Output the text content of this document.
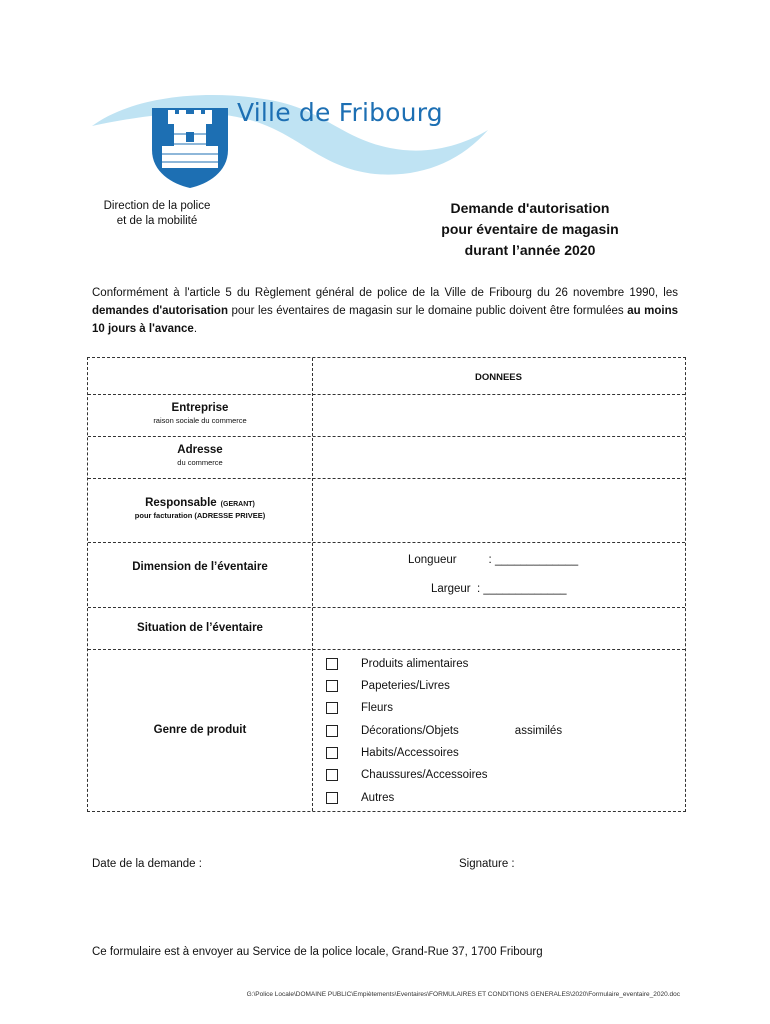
Ville de Fribourg
Direction de la police
et de la mobilité
Demande d'autorisation
pour éventaire de magasin
durant l’année 2020
Conformément à l'article 5 du Règlement général de police de la Ville de Fribourg du 26 novembre 1990, les demandes d'autorisation pour les éventaires de magasin sur le domaine public doivent être formulées au moins 10 jours à l'avance.
DONNEES
Entreprise
raison sociale du commerce
Adresse
du commerce
Responsable (GERANT)
pour facturation (ADRESSE PRIVEE)
Dimension de l’éventaire
Longueur          : _____________
Largeur  : _____________
Situation de l’éventaire
Genre de produit
Produits alimentaires
Papeteries/Livres
Fleurs
Décorations/Objets	assimilés
Habits/Accessoires
Chaussures/Accessoires
Autres
Date de la demande :	Signature :
Ce formulaire est à envoyer au Service de la police locale, Grand-Rue 37, 1700 Fribourg
G:\Police Locale\DOMAINE PUBLIC\Empiètements\Eventaires\FORMULAIRES ET CONDITIONS GENERALES\2020\Formulaire_eventaire_2020.doc
